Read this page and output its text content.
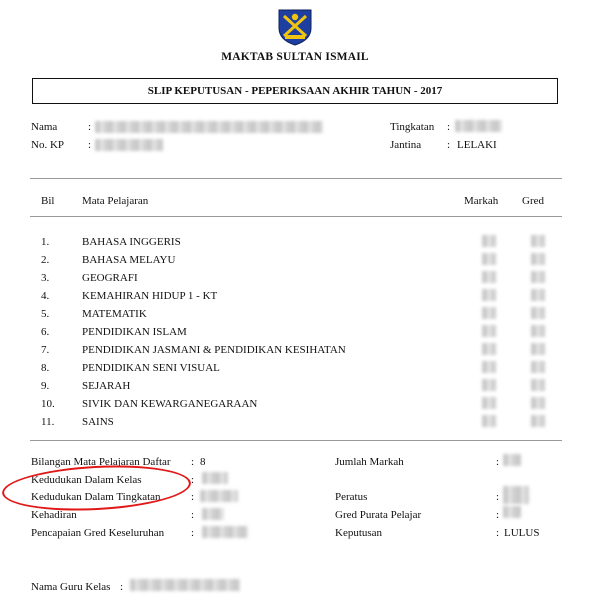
MAKTAB SULTAN ISMAIL
SLIP KEPUTUSAN - PEPERIKSAAN AKHIR TAHUN - 2017
Nama	:
No. KP :
Tingkatan :
Jantina : LELAKI
Bil	Mata Pelajaran	Markah Gred
1.	BAHASA INGGERIS
2.	BAHASA MELAYU
3.	GEOGRAFI
4.	KEMAHIRAN HIDUP 1 - KT
5.	MATEMATIK
6.	PENDIDIKAN ISLAM
7.	PENDIDIKAN JASMANI & PENDIDIKAN KESIHATAN
8.	PENDIDIKAN SENI VISUAL
9.	SEJARAH
10. SIVIK DAN KEWARGANEGARAAN
11.	SAINS
Bilangan Mata Pelajaran Daftar : 8
Kedudukan Dalam Kelas	:
Kedudukan Dalam Tingkatan	:
Kehadiran	:
Pencapaian Gred Keseluruhan :
Jumlah Markah	:
Peratus	:
Gred Purata Pelajar	:
Keputusan	: LULUS
Nama Guru Kelas :
